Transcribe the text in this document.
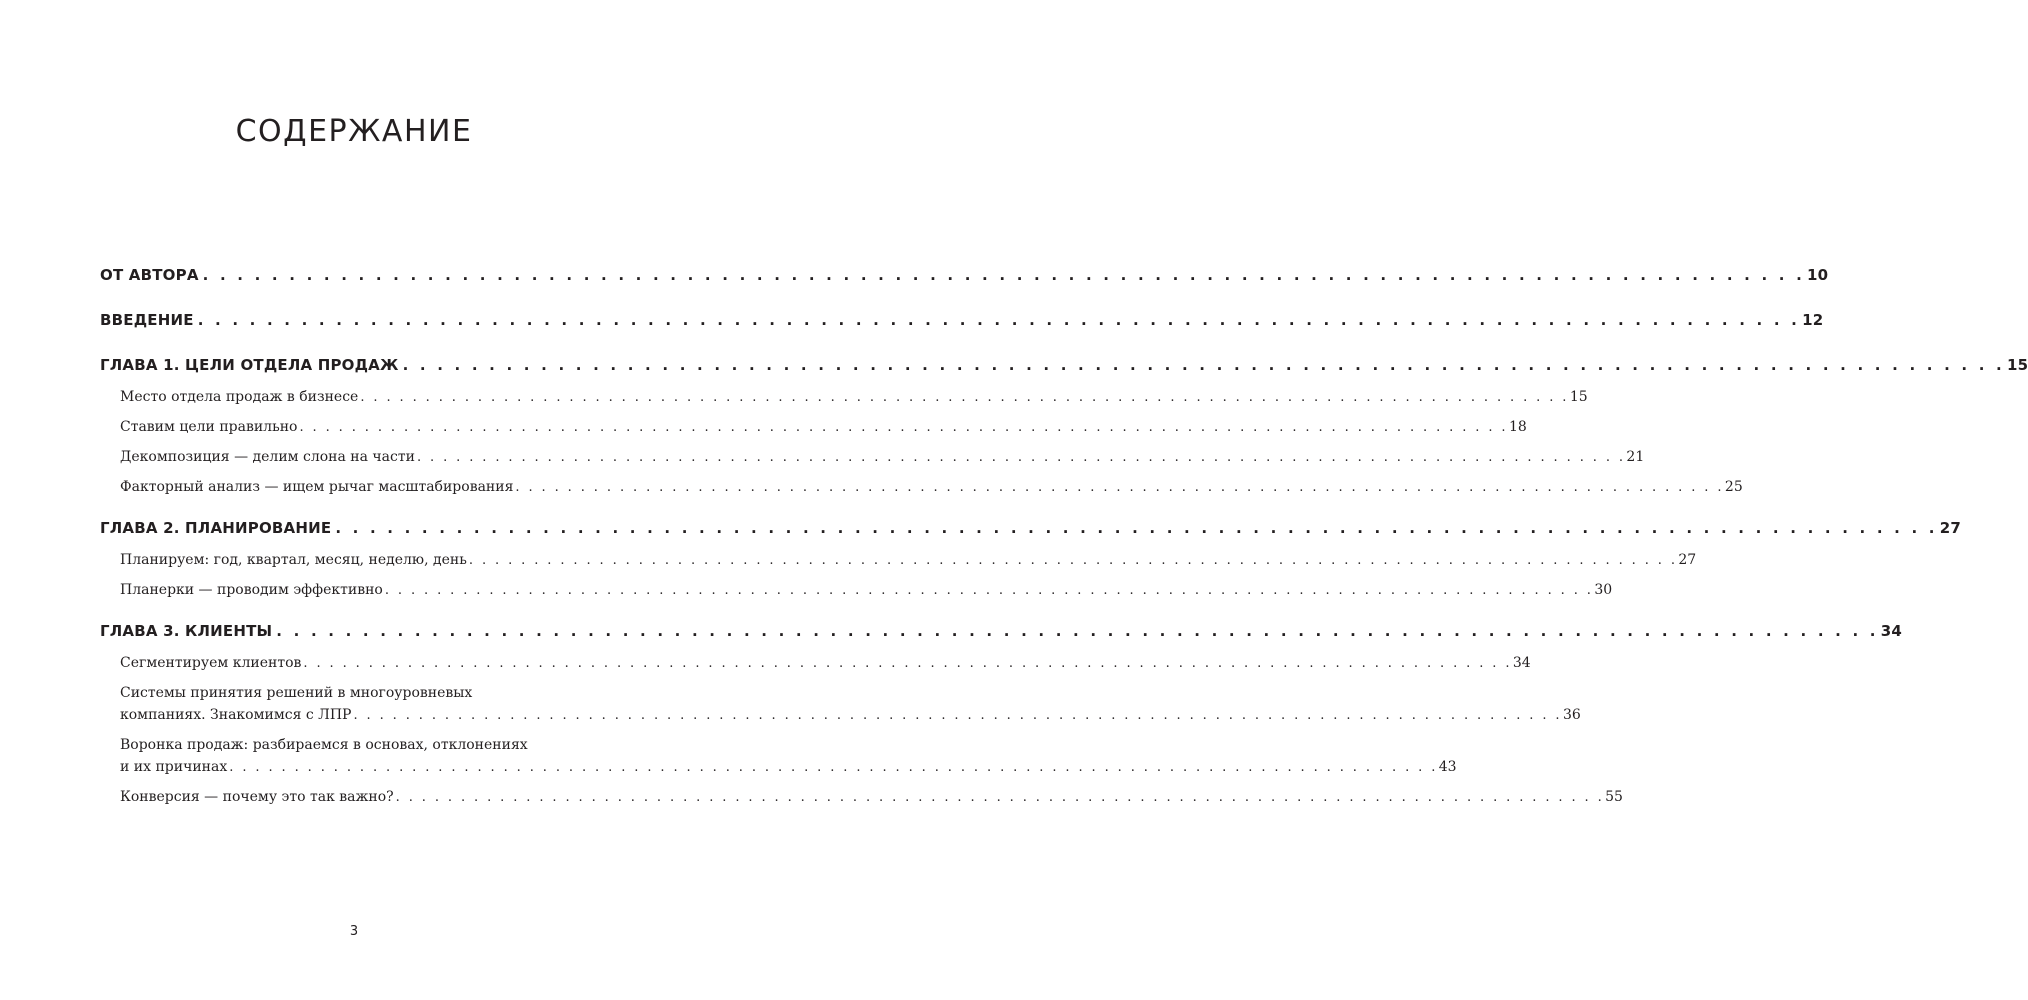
СОДЕРЖАНИЕ
ОТ АВТОРА . . . . . . . . . . . . . . . . . . . . . . . . . . . . . . . . . . . . . . . . . . . . . . . . . . . . . . . . . . . . . . . . . . . . . . . . . . . . . . . . . . . . . . . . . . . . . 10
ВВЕДЕНИЕ . . . . . . . . . . . . . . . . . . . . . . . . . . . . . . . . . . . . . . . . . . . . . . . . . . . . . . . . . . . . . . . . . . . . . . . . . . . . . . . . . . . . . . . . . . . . . 12
ГЛАВА 1. ЦЕЛИ ОТДЕЛА ПРОДАЖ . . . . . . . . . . . . . . . . . . . . . . . . . . . . . . . . . . . . . . . . . . . . . . . . . . . . . . . . . . . . . . . . . . . . . . . . . . . . . . . . . . . . . . . . . . . . . 15
Место отдела продаж в бизнесе . . . . . . . . . . . . . . . . . . . . . . . . . . . . . . . . . . . . . . . . . . . . . . . . . . . . . . . . . . . . . . . . . . . . . . . . . . . . . . . . . . . . . . . . . . . . . 15
Ставим цели правильно . . . . . . . . . . . . . . . . . . . . . . . . . . . . . . . . . . . . . . . . . . . . . . . . . . . . . . . . . . . . . . . . . . . . . . . . . . . . . . . . . . . . . . . . . . . . . 18
Декомпозиция — делим слона на части . . . . . . . . . . . . . . . . . . . . . . . . . . . . . . . . . . . . . . . . . . . . . . . . . . . . . . . . . . . . . . . . . . . . . . . . . . . . . . . . . . . . . . . . . . . . . 21
Факторный анализ — ищем рычаг масштабирования . . . . . . . . . . . . . . . . . . . . . . . . . . . . . . . . . . . . . . . . . . . . . . . . . . . . . . . . . . . . . . . . . . . . . . . . . . . . . . . . . . . . . . . . . . . . . 25
ГЛАВА 2. ПЛАНИРОВАНИЕ . . . . . . . . . . . . . . . . . . . . . . . . . . . . . . . . . . . . . . . . . . . . . . . . . . . . . . . . . . . . . . . . . . . . . . . . . . . . . . . . . . . . . . . . . . . . . 27
Планируем: год, квартал, месяц, неделю, день . . . . . . . . . . . . . . . . . . . . . . . . . . . . . . . . . . . . . . . . . . . . . . . . . . . . . . . . . . . . . . . . . . . . . . . . . . . . . . . . . . . . . . . . . . . . . 27
Планерки — проводим эффективно . . . . . . . . . . . . . . . . . . . . . . . . . . . . . . . . . . . . . . . . . . . . . . . . . . . . . . . . . . . . . . . . . . . . . . . . . . . . . . . . . . . . . . . . . . . . . 30
ГЛАВА 3. КЛИЕНТЫ . . . . . . . . . . . . . . . . . . . . . . . . . . . . . . . . . . . . . . . . . . . . . . . . . . . . . . . . . . . . . . . . . . . . . . . . . . . . . . . . . . . . . . . . . . . . . 34
Сегментируем клиентов . . . . . . . . . . . . . . . . . . . . . . . . . . . . . . . . . . . . . . . . . . . . . . . . . . . . . . . . . . . . . . . . . . . . . . . . . . . . . . . . . . . . . . . . . . . . . 34
Системы принятия решений в многоуровневых
компаниях. Знакомимся с ЛПР . . . . . . . . . . . . . . . . . . . . . . . . . . . . . . . . . . . . . . . . . . . . . . . . . . . . . . . . . . . . . . . . . . . . . . . . . . . . . . . . . . . . . . . . . . . . . 36
Воронка продаж: разбираемся в основах, отклонениях
и их причинах . . . . . . . . . . . . . . . . . . . . . . . . . . . . . . . . . . . . . . . . . . . . . . . . . . . . . . . . . . . . . . . . . . . . . . . . . . . . . . . . . . . . . . . . . . . . . 43
Конверсия — почему это так важно? . . . . . . . . . . . . . . . . . . . . . . . . . . . . . . . . . . . . . . . . . . . . . . . . . . . . . . . . . . . . . . . . . . . . . . . . . . . . . . . . . . . . . . . . . . . . . 55
3
